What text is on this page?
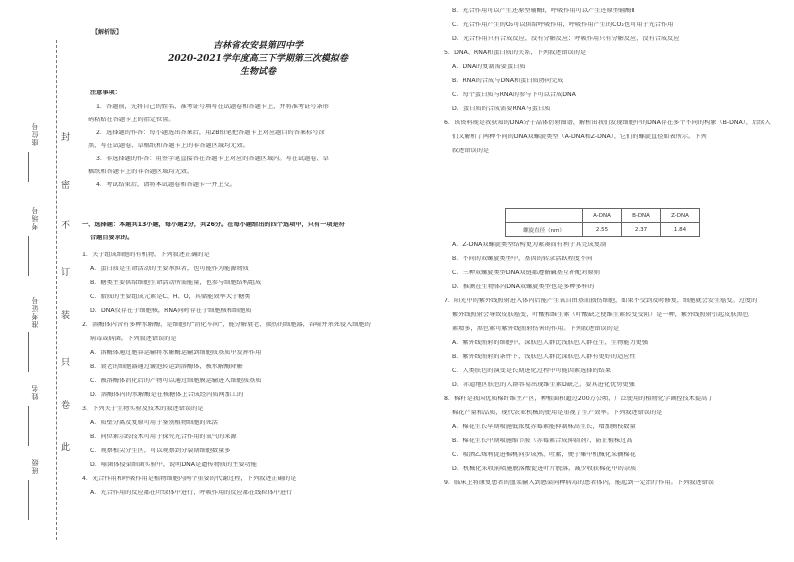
封
密
不
订
装
只
卷
此
座位号
考场号
准考证号
姓名
班级
【解析版】
吉林省农安县第四中学
2020-2021学年度高三下学期第三次模拟卷
生物试卷
注意事项：
1．答题前，先将自己的姓名、准考证号填写在试题卷和答题卡上，并将准考证号条形
码粘贴在答题卡上的指定位置。
2．选择题的作答：每小题选出答案后，用2B铅笔把答题卡上对应题目的答案标号涂
黑，写在试题卷、草稿纸和答题卡上的非答题区域均无效。
3．非选择题的作答：用签字笔直接答在答题卡上对应的答题区域内。写在试题卷、草
稿纸和答题卡上的非答题区域均无效。
4．考试结束后，请将本试题卷和答题卡一并上交。
一、选择题：本题共13小题，每小题2分，共26分。在每小题给出的四个选项中，只有一项是符
合题目要求的。
1．关于组成细胞的有机物，下列叙述正确的是
A．蛋白质是生命活动的主要承担者，也可能作为能源物质
B．糖类主要供给细胞生命活动所需能量，也参与细胞结构组成
C．脂质的主要组成元素是C、H、O，其储能效率大于糖类
D．DNA仅存在于细胞核，RNA同时存在于细胞核和细胞质
2．溶酶体内含有多种水解酶，是细胞的“消化车间”，能分解衰老、损伤的细胞器，吞噬并杀死侵入细胞的
病毒或病菌。下列叙述错误的是
A．溶酶体通过胞吞运输将水解酶运输到细胞质基质中发挥作用
B．衰老的细胞器通过囊泡转运到溶酶体，被水解酶降解
C．被溶酶体消化后的产物可以通过细胞膜运输进入细胞质基质
D．溶酶体内的水解酶是在核糖体上合成经内质网加工的
3．下列关于生物实验及技术的叙述错误的是
A．质壁分离及复原可用于鉴别植物细胞的死活
B．同位素示踪技术可用于探究光合作用的氧气的来源
C．观察根尖分生区，可以观察到分裂期细胞数量多
D．噬菌体侵染细菌实验中，说明DNA是遗传物质的主要功能
4．光合作用和呼吸作用是植物细胞内两个重要的代谢过程，下列叙述正确的是
A．光合作用的反应都在叶绿体中进行，呼吸作用的反应都在线粒体中进行
B．光合作用可以产生还原型辅酶Ⅰ，呼吸作用可以产生还原型辅酶Ⅱ
C．光合作用产生的O₂可以供给呼吸作用，呼吸作用产生的CO₂也可用于光合作用
D．光合作用只有合成反应，没有分解反应；呼吸作用只有分解反应，没有合成反应
5．DNA、RNA和蛋白质的关系，下列叙述错误的是
A．DNA的复制需要蛋白质
B．RNA的合成与DNA和蛋白质协同完成
C．每个蛋白质与RNA的参与下可以合成DNA
D．蛋白质的合成需要RNA与蛋白质
6．该资料现是我获知的DNA分子晶体衍射图谱，解析出我们发现细胞中的DNA存在多个不同的构象（B-DNA），后续人
们又解析了两种不同的DNA双螺旋类型（A-DNA和Z-DNA），它们的螺旋直径如表所示。下列
叙述错误的是
A．Z-DNA双螺旋类型结构更为紧凑而有利于其完成复制
B．不同的双螺旋类型中，基因的转录活跃程度不同
C．三种双螺旋类型DNA双链都遵循碱基互补配对原则
D．推测在生物体内DNA双螺旋类型也是多种多样的
7．阳光中的紫外线照射进入体内后能产生氧自由基而损伤细胞，如果不受到及时修复，细胞就会发生癌变。过度的
紫外线照射会导致皮肤癌变，叶酸和维生素（叶酸缺乏使维生素转变受阻）是一种，紫外线照射引起皮肤黑色
素增多，黑色素可紫外线照射伤害的作用。下列叙述错误的是
A．紫外线照射的细胞中，深肤色人群比浅肤色人群在生，生物能力更强
B．紫外线照射的条件下，浅肤色人群比深肤色人群有更好的适应性
C．人类肤色的演变是长期进化过程中可能因素选择的结果
D．赤道地区肤色的人群容易出现维生素D缺乏，要其进化优势更强
8．棉籽是我国优质棉纤维主产区，种植面积超过200万公顷，广泛使用的植物化学调控技术提高了
棉花产量和品质，现代农业机械的使用是重视了生产效率。下列叙述错误的是
A．棉花生长早期喷施低浓度赤霉素能抑制株高生长，增加侧枝数量
B．棉花生长中期喷施缩节胺（赤霉素合成抑制剂），防止植株过高
C．喷洒乙烯利促进棉桃同步成熟、吐絮，便于集中机械化采摘棉花
D．机械化采收前喷施脱落酸促进叶片脱落，减少收获棉花中的杂质
9．临床上将康复患者的血浆输入到感染同种病毒的患者体内，能起到一定治疗作用。下列叙述错误
	A-DNA	B-DNA	Z-DNA
螺旋直径（nm）	2.55	2.37	1.84
